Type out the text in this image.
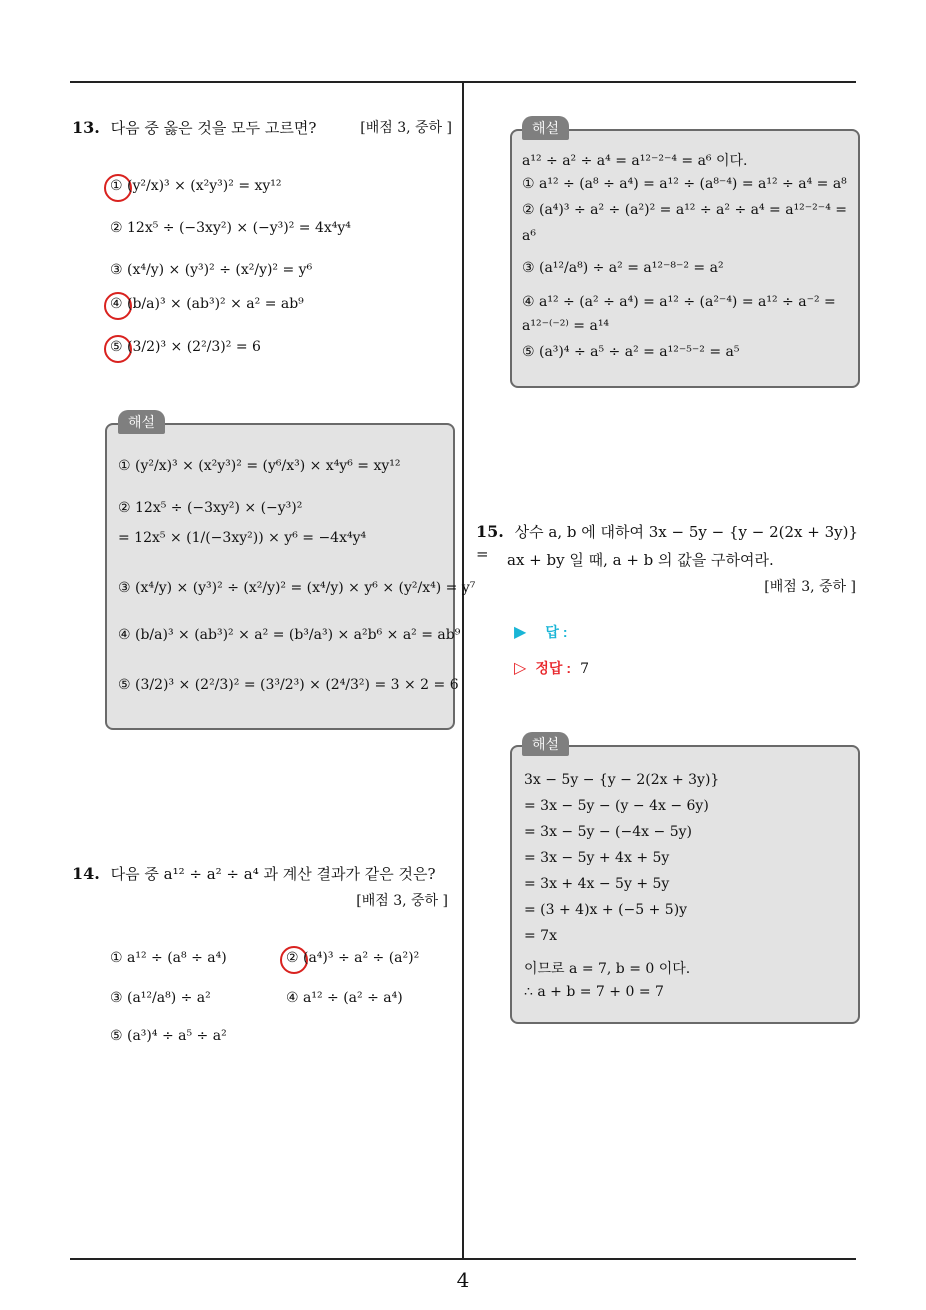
13. 다음 중 옳은 것을 모두 고르면?	[배점 3, 중하 ]
① (y²/x)³ × (x²y³)² = xy¹²
② 12x⁵ ÷ (−3xy²) × (−y³)² = 4x⁴y⁴
③ (x⁴/y) × (y³)² ÷ (x²/y)² = y⁶
④ (b/a)³ × (ab³)² × a² = ab⁹
⑤ (3/2)³ × (2²/3)² = 6
해설
① (y²/x)³ × (x²y³)² = (y⁶/x³) × x⁴y⁶ = xy¹²
② 12x⁵ ÷ (−3xy²) × (−y³)²
= 12x⁵ × (1/(−3xy²)) × y⁶ = −4x⁴y⁴
③ (x⁴/y) × (y³)² ÷ (x²/y)² = (x⁴/y) × y⁶ × (y²/x⁴) = y⁷
④ (b/a)³ × (ab³)² × a² = (b³/a³) × a²b⁶ × a² = ab⁹
⑤ (3/2)³ × (2²/3)² = (3³/2³) × (2⁴/3²) = 3 × 2 = 6
14. 다음 중 a¹² ÷ a² ÷ a⁴ 과 계산 결과가 같은 것은?
[배점 3, 중하 ]
① a¹² ÷ (a⁸ ÷ a⁴)	② (a⁴)³ ÷ a² ÷ (a²)²
③ (a¹²/a⁸) ÷ a²	④ a¹² ÷ (a² ÷ a⁴)
⑤ (a³)⁴ ÷ a⁵ ÷ a²
해설
a¹² ÷ a² ÷ a⁴ = a¹²⁻²⁻⁴ = a⁶ 이다.
① a¹² ÷ (a⁸ ÷ a⁴) = a¹² ÷ (a⁸⁻⁴) = a¹² ÷ a⁴ = a⁸
② (a⁴)³ ÷ a² ÷ (a²)² = a¹² ÷ a² ÷ a⁴ = a¹²⁻²⁻⁴ =
a⁶
③ (a¹²/a⁸) ÷ a² = a¹²⁻⁸⁻² = a²
④ a¹² ÷ (a² ÷ a⁴) = a¹² ÷ (a²⁻⁴) = a¹² ÷ a⁻² =
a¹²⁻⁽⁻²⁾ = a¹⁴
⑤ (a³)⁴ ÷ a⁵ ÷ a² = a¹²⁻⁵⁻² = a⁵
15. 상수 a, b 에 대하여 3x − 5y − {y − 2(2x + 3y)} =	ax + by 일 때, a + b 의 값을 구하여라.
[배점 3, 중하 ]
▶ 답 :
▷ 정답 : 7
해설
3x − 5y − {y − 2(2x + 3y)}
= 3x − 5y − (y − 4x − 6y)
= 3x − 5y − (−4x − 5y)
= 3x − 5y + 4x + 5y
= 3x + 4x − 5y + 5y
= (3 + 4)x + (−5 + 5)y
= 7x
이므로 a = 7, b = 0 이다.
∴ a + b = 7 + 0 = 7
4
